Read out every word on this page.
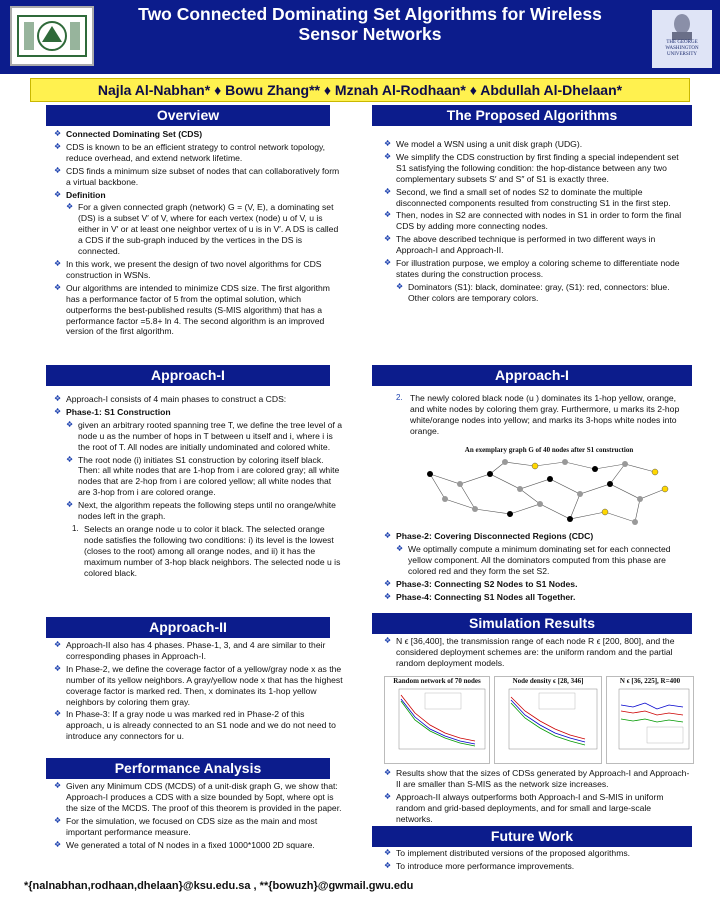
Two Connected Dominating Set Algorithms for Wireless
Sensor Networks	THE GEORGE
WASHINGTON
UNIVERSITY
Najla Al-Nabhan* ♦ Bowu Zhang** ♦ Mznah Al-Rodhaan* ♦ Abdullah Al-Dhelaan*
Overview	The Proposed Algorithms
Approach-I	Approach-I
Approach-II	Simulation Results
Performance Analysis
Future Work

❖ Connected Dominating Set (CDS)

❖ CDS is known to be an efficient strategy to control network topology, reduce overhead, and extend network lifetime.

❖ CDS finds a minimum size subset of nodes that can collaboratively form a virtual backbone.

❖ Definition

❖ For a given connected graph (network) G = (V, E), a dominating set (DS) is a subset V′ of V, where for each vertex (node) u of V, u is either in V′ or at least one neighbor vertex of u is in V′. A DS is called a CDS if the sub-graph induced by the vertices in the DS is connected.

❖ In this work, we present the design of two novel algorithms for CDS construction in WSNs.

❖ Our algorithms are intended to minimize CDS size. The first algorithm has a performance factor of 5 from the optimal solution, which outperforms the best-published results (S-MIS algorithm) that has a performance factor =5.8+ ln 4. The second algorithm is an improved version of the first algorithm.

❖ We model a WSN using a unit disk graph (UDG).

❖ We simplify the CDS construction by first finding a special independent set S1 satisfying the following condition: the hop-distance between any two complementary subsets S′ and S″ of S1 is exactly three.

❖ Second, we find a small set of nodes S2 to dominate the multiple disconnected components resulted from constructing S1 in the first step.

❖ Then, nodes in S2 are connected with nodes in S1 in order to form the final CDS by adding more connecting nodes.

❖ The above described technique is performed in two different ways in Approach-I and Approach-II.

❖ For illustration purpose, we employ a coloring scheme to differentiate node states during the construction process.

❖ Dominators (S1): black, dominatee: gray, (S1): red, connectors: blue. Other colors are temporary colors.

❖ Approach-I consists of 4 main phases to construct a CDS:

❖ Phase-1: S1 Construction

❖ given an arbitrary rooted spanning tree T, we define the tree level of a node u as the number of hops in T between u itself and i, where i is the root of T. All nodes are initially undominated and colored white.

❖ The root node (i) initiates S1 construction by coloring itself black. Then: all white nodes that are 1-hop from i are colored gray; all white nodes that are 2-hop from i are colored yellow; all white nodes that are 3-hop from i are colored orange.

❖ Next, the algorithm repeats the following steps until no orange/white nodes left in the graph.

1. Selects an orange node u to color it black. The selected orange node satisfies the following two conditions: i) its level is the lowest (closes to the root) among all orange nodes, and ii) it has the maximum number of 3-hop black neighbors. The selected node u is colored black.

2. The newly colored black node (u ) dominates its 1-hop yellow, orange, and white nodes by coloring them gray. Furthermore, u marks its 2-hop white/orange nodes into yellow; and marks its 3-hops white nodes into orange.

An exemplary graph G of 40 nodes after S1 construction

❖ Phase-2: Covering Disconnected Regions (CDC)

❖ We optimally compute a minimum dominating set for each connected yellow component. All the dominators computed from this phase are colored red and they form the set S2.

❖ Phase-3: Connecting S2 Nodes to S1 Nodes.

❖ Phase-4: Connecting S1 Nodes all Together.

❖ Approach-II also has 4 phases. Phase-1, 3, and 4 are similar to their corresponding phases in Approach-I.

❖ In Phase-2, we define the coverage factor of a yellow/gray node x as the number of its yellow neighbors. A gray/yellow node x that has the highest coverage factor is marked red. Then, x dominates its 1-hop yellow neighbors by coloring them gray.

❖ In Phase-3: If a gray node u was marked red in Phase-2 of this approach, u is already connected to an S1 node and we do not need to introduce any connectors for u.

❖ N ϵ [36,400], the transmission range of each node R ϵ [200, 800], and the considered deployment schemes are: the uniform random and the partial random deployment models.

Random network of 70 nodes	Node density ϵ [28, 346]	N ϵ [36, 225], R=400

❖ Results show that the sizes of CDSs generated by Approach-I and Approach-II are smaller than S-MIS as the network size increases.

❖ Approach-II always outperforms both Approach-I and S-MIS in uniform random and grid-based deployments, and for small and large-scale networks.

❖ Given any Minimum CDS (MCDS) of a unit-disk graph G, we show that: Approach-I produces a CDS with a size bounded by 5opt, where opt is the size of the MCDS. The proof of this theorem is provided in the paper.

❖ For the simulation, we focused on CDS size as the main and most important performance measure.

❖ We generated a total of N nodes in a fixed 1000*1000 2D square.

❖ To implement distributed versions of the proposed algorithms.

❖ To introduce more performance improvements.

*{nalnabhan,rodhaan,dhelaan}@ksu.edu.sa , **{bowuzh}@gwmail.gwu.edu
